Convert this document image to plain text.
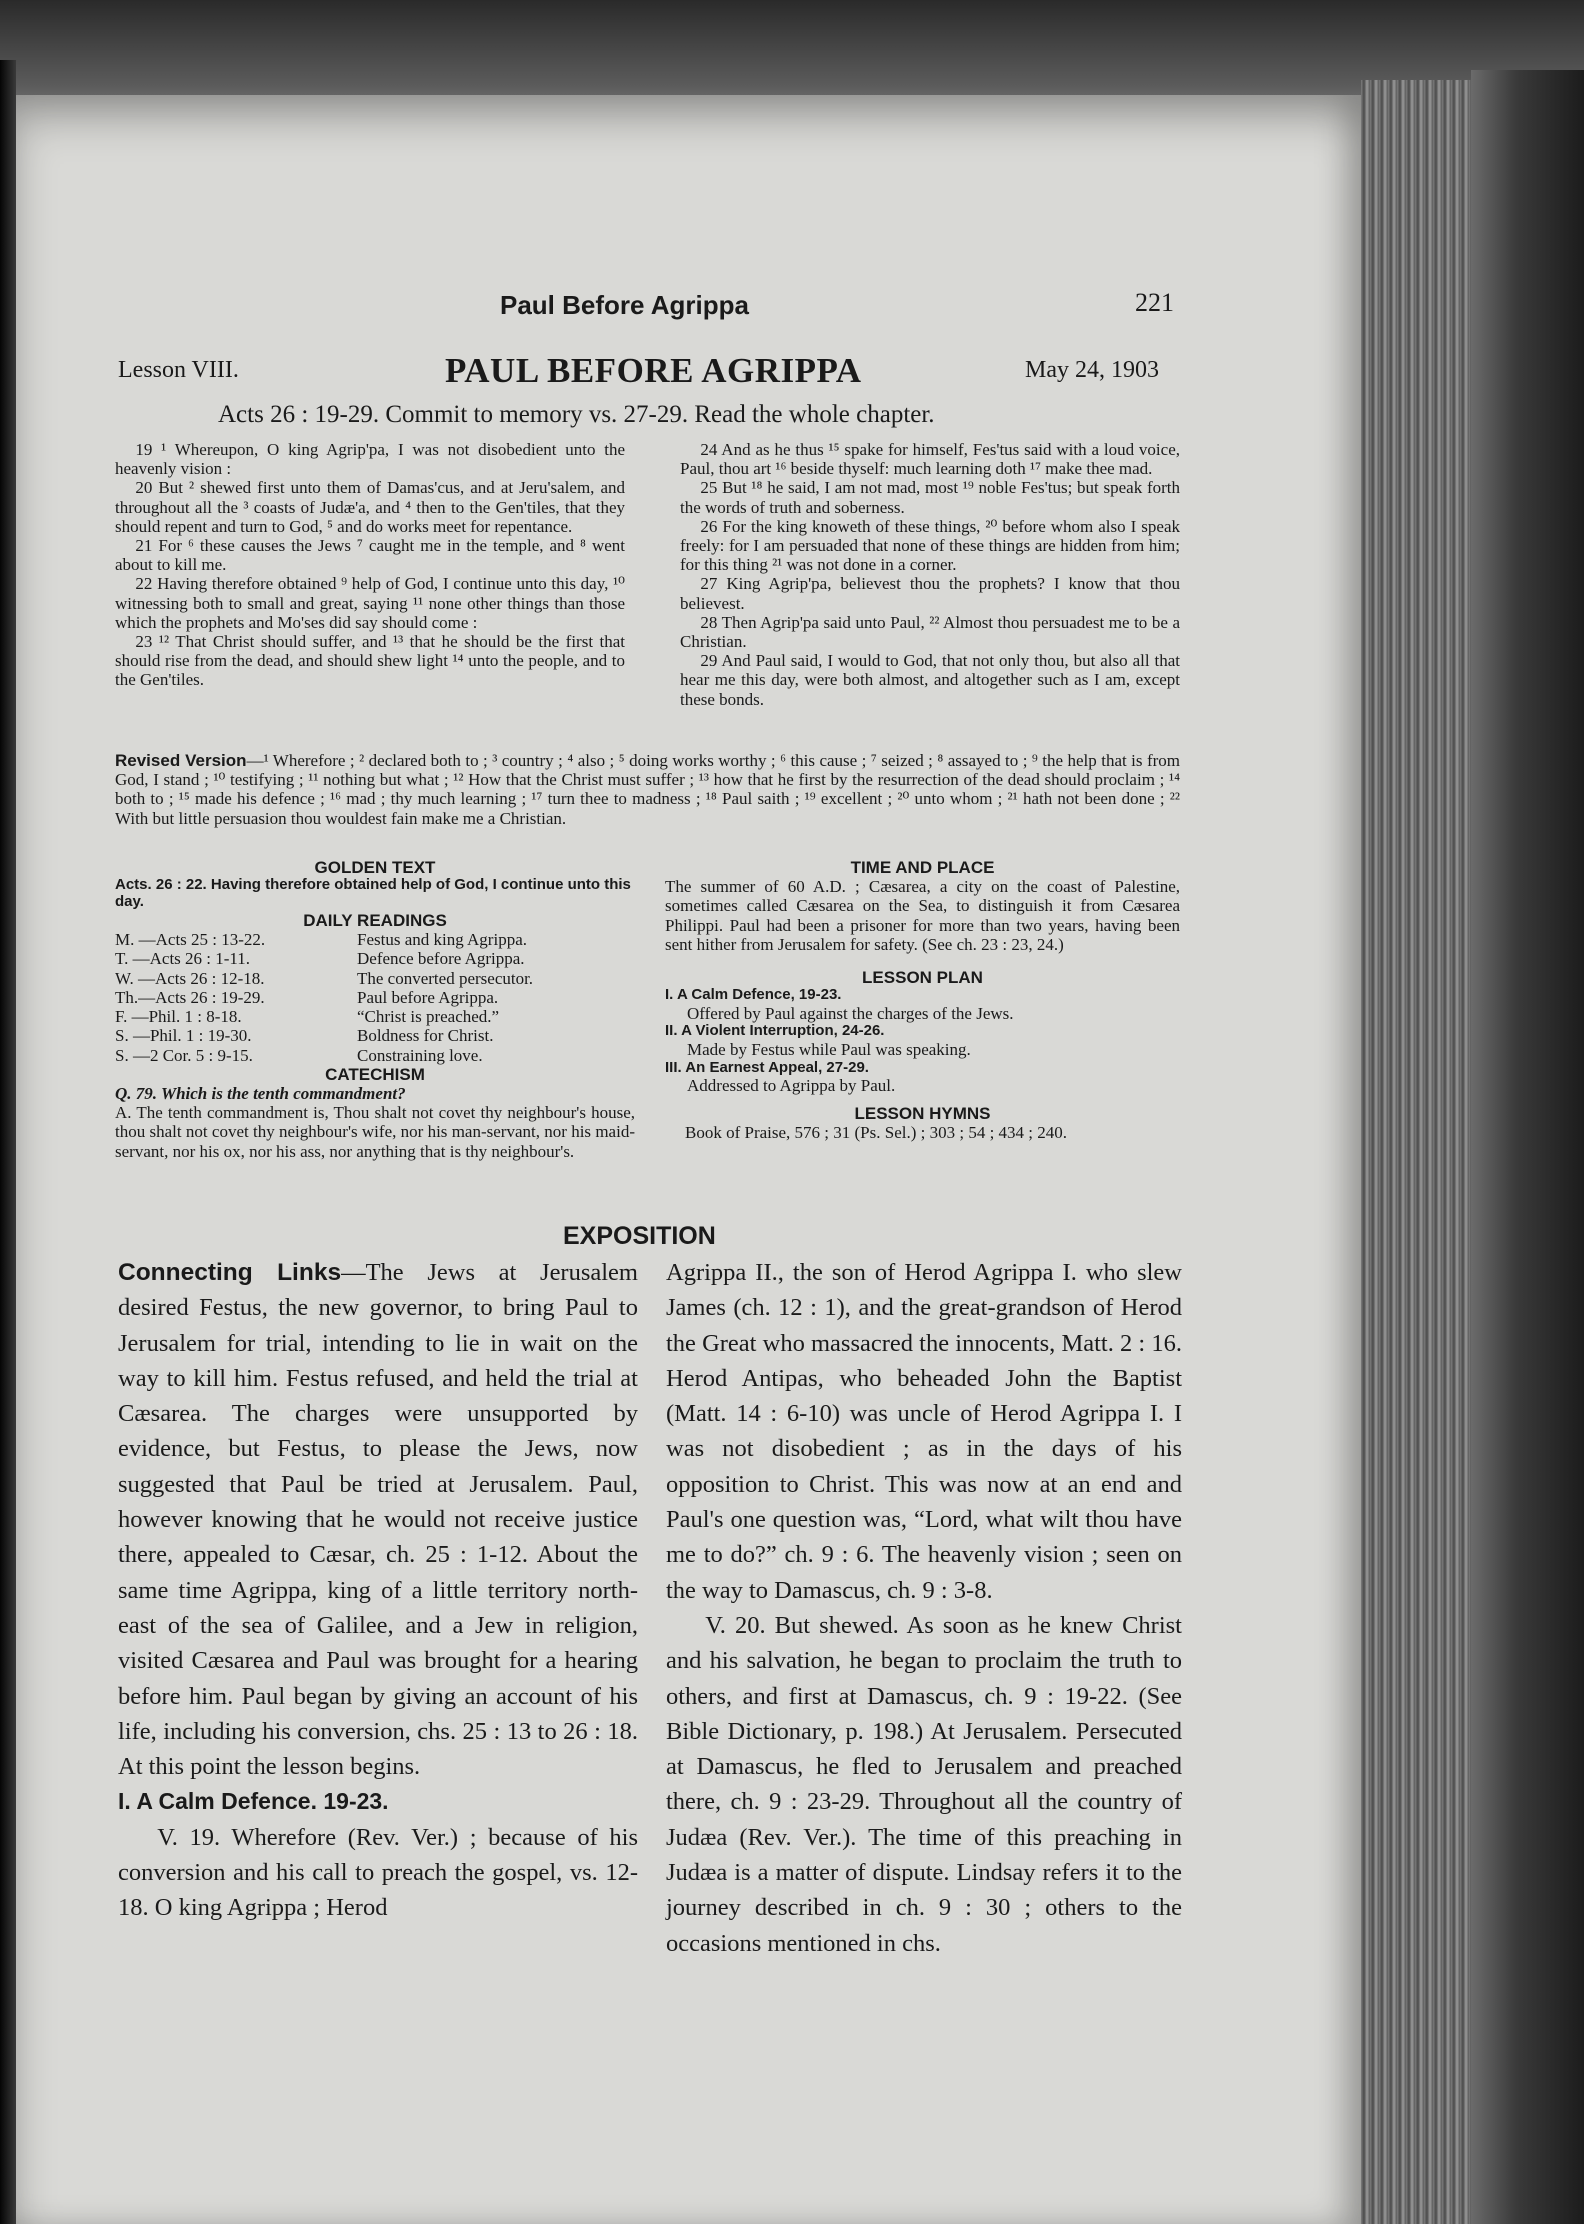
Paul Before Agrippa	221
Lesson VIII.	PAUL BEFORE AGRIPPA	May 24, 1903
Acts 26 : 19-29. Commit to memory vs. 27-29. Read the whole chapter.

19 ¹ Whereupon, O king Agrip'pa, I was not disobedient unto the heavenly vision :

20 But ² shewed first unto them of Damas'cus, and at Jeru'salem, and throughout all the ³ coasts of Judæ'a, and ⁴ then to the Gen'tiles, that they should repent and turn to God, ⁵ and do works meet for repentance.

21 For ⁶ these causes the Jews ⁷ caught me in the temple, and ⁸ went about to kill me.

22 Having therefore obtained ⁹ help of God, I continue unto this day, ¹⁰ witnessing both to small and great, saying ¹¹ none other things than those which the prophets and Mo'ses did say should come :

23 ¹² That Christ should suffer, and ¹³ that he should be the first that should rise from the dead, and should shew light ¹⁴ unto the people, and to the Gen'tiles.

24 And as he thus ¹⁵ spake for himself, Fes'tus said with a loud voice, Paul, thou art ¹⁶ beside thyself: much learning doth ¹⁷ make thee mad.

25 But ¹⁸ he said, I am not mad, most ¹⁹ noble Fes'tus; but speak forth the words of truth and soberness.

26 For the king knoweth of these things, ²⁰ before whom also I speak freely: for I am persuaded that none of these things are hidden from him; for this thing ²¹ was not done in a corner.

27 King Agrip'pa, believest thou the prophets? I know that thou believest.

28 Then Agrip'pa said unto Paul, ²² Almost thou persuadest me to be a Christian.

29 And Paul said, I would to God, that not only thou, but also all that hear me this day, were both almost, and altogether such as I am, except these bonds.

Revised Version—¹ Wherefore ; ² declared both to ; ³ country ; ⁴ also ; ⁵ doing works worthy ; ⁶ this cause ; ⁷ seized ; ⁸ assayed to ; ⁹ the help that is from God, I stand ; ¹⁰ testifying ; ¹¹ nothing but what ; ¹² How that the Christ must suffer ; ¹³ how that he first by the resurrection of the dead should proclaim ; ¹⁴ both to ; ¹⁵ made his defence ; ¹⁶ mad ; thy much learning ; ¹⁷ turn thee to madness ; ¹⁸ Paul saith ; ¹⁹ excellent ; ²⁰ unto whom ; ²¹ hath not been done ; ²² With but little persuasion thou wouldest fain make me a Christian.

GOLDEN TEXT

Acts. 26 : 22. Having therefore obtained help of God, I continue unto this day.

DAILY READINGS

M. —Acts 25 : 13-22.	Festus and king Agrippa.
T. —Acts 26 : 1-11.	Defence before Agrippa.
W. —Acts 26 : 12-18.	The converted persecutor.
Th.—Acts 26 : 19-29.	Paul before Agrippa.
F. —Phil. 1 : 8-18.	“Christ is preached.”
S. —Phil. 1 : 19-30.	Boldness for Christ.
S. —2 Cor. 5 : 9-15.	Constraining love.

CATECHISM

Q. 79. Which is the tenth commandment?
A. The tenth commandment is, Thou shalt not covet thy neighbour's house, thou shalt not covet thy neighbour's wife, nor his man-servant, nor his maid-servant, nor his ox, nor his ass, nor anything that is thy neighbour's.

TIME AND PLACE

The summer of 60 A.D. ; Cæsarea, a city on the coast of Palestine, sometimes called Cæsarea on the Sea, to distinguish it from Cæsarea Philippi. Paul had been a prisoner for more than two years, having been sent hither from Jerusalem for safety. (See ch. 23 : 23, 24.)

LESSON PLAN

I. A Calm Defence, 19-23.
Offered by Paul against the charges of the Jews.
II. A Violent Interruption, 24-26.
Made by Festus while Paul was speaking.
III. An Earnest Appeal, 27-29.
Addressed to Agrippa by Paul.

LESSON HYMNS

Book of Praise, 576 ; 31 (Ps. Sel.) ; 303 ; 54 ; 434 ; 240.
EXPOSITION

Connecting Links—The Jews at Jerusalem desired Festus, the new governor, to bring Paul to Jerusalem for trial, intending to lie in wait on the way to kill him. Festus refused, and held the trial at Cæsarea. The charges were unsupported by evidence, but Festus, to please the Jews, now suggested that Paul be tried at Jerusalem. Paul, however knowing that he would not receive justice there, appealed to Cæsar, ch. 25 : 1-12. About the same time Agrippa, king of a little territory north-east of the sea of Galilee, and a Jew in religion, visited Cæsarea and Paul was brought for a hearing before him. Paul began by giving an account of his life, including his conversion, chs. 25 : 13 to 26 : 18. At this point the lesson begins.

I. A Calm Defence. 19-23.

V. 19. Wherefore (Rev. Ver.) ; because of his conversion and his call to preach the gospel, vs. 12-18. O king Agrippa ; Herod

Agrippa II., the son of Herod Agrippa I. who slew James (ch. 12 : 1), and the great-grandson of Herod the Great who massacred the innocents, Matt. 2 : 16. Herod Antipas, who beheaded John the Baptist (Matt. 14 : 6-10) was uncle of Herod Agrippa I. I was not disobedient ; as in the days of his opposition to Christ. This was now at an end and Paul's one question was, “Lord, what wilt thou have me to do?” ch. 9 : 6. The heavenly vision ; seen on the way to Damascus, ch. 9 : 3-8.

V. 20. But shewed. As soon as he knew Christ and his salvation, he began to proclaim the truth to others, and first at Damascus, ch. 9 : 19-22. (See Bible Dictionary, p. 198.) At Jerusalem. Persecuted at Damascus, he fled to Jerusalem and preached there, ch. 9 : 23-29. Throughout all the country of Judæa (Rev. Ver.). The time of this preaching in Judæa is a matter of dispute. Lindsay refers it to the journey described in ch. 9 : 30 ; others to the occasions mentioned in chs.
